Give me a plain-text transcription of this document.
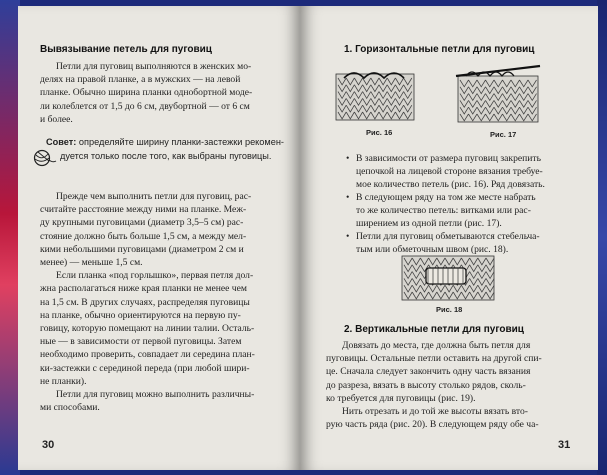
Вывязывание петель для пуговиц
Петли для пуговиц выполняются в женских мо-
делях на правой планке, а в мужских — на левой
планке. Обычно ширина планки однобортной моде-
ли колеблется от 1,5 до 6 см, двубортной — от 6 см
и более.
Совет: определяйте ширину планки-застежки рекомен-
дуется только после того, как выбраны пуговицы.
Прежде чем выполнить петли для пуговиц, рас-
считайте расстояние между ними на планке. Меж-
ду крупными пуговицами (диаметр 3,5–5 см) рас-
стояние должно быть больше 1,5 см, а между мел-
кими небольшими пуговицами (диаметром 2 см и
менее) — меньше 1,5 см.
Если планка «под горлышко», первая петля дол-
жна располагаться ниже края планки не менее чем
на 1,5 см. В других случаях, распределяя пуговицы
на планке, обычно ориентируются на первую пу-
говицу, которую помещают на линии талии. Осталь-
ные — в зависимости от первой пуговицы. Затем
необходимо проверить, совпадает ли середина план-
ки-застежки с серединой переда (при любой шири-
не планки).
Петли для пуговиц можно выполнить различны-
ми способами.
30
1. Горизонтальные петли для пуговиц
Рис. 16	Рис. 17
• В зависимости от размера пуговиц закрепить
цепочкой на лицевой стороне вязания требуе-
мое количество петель (рис. 16). Ряд довязать.
• В следующем ряду на том же месте набрать
то же количество петель: витками или рас-
ширением из одной петли (рис. 17).
• Петли для пуговиц обметываются стебельча-
тым или обметочным швом (рис. 18).
Рис. 18
2. Вертикальные петли для пуговиц
Довязать до места, где должна быть петля для
пуговицы. Остальные петли оставить на другой спи-
це. Сначала следует закончить одну часть вязания
до разреза, вязать в высоту столько рядов, сколь-
ко требуется для пуговицы (рис. 19).
Нить отрезать и до той же высоты вязать вто-
рую часть ряда (рис. 20). В следующем ряду обе ча-
31
